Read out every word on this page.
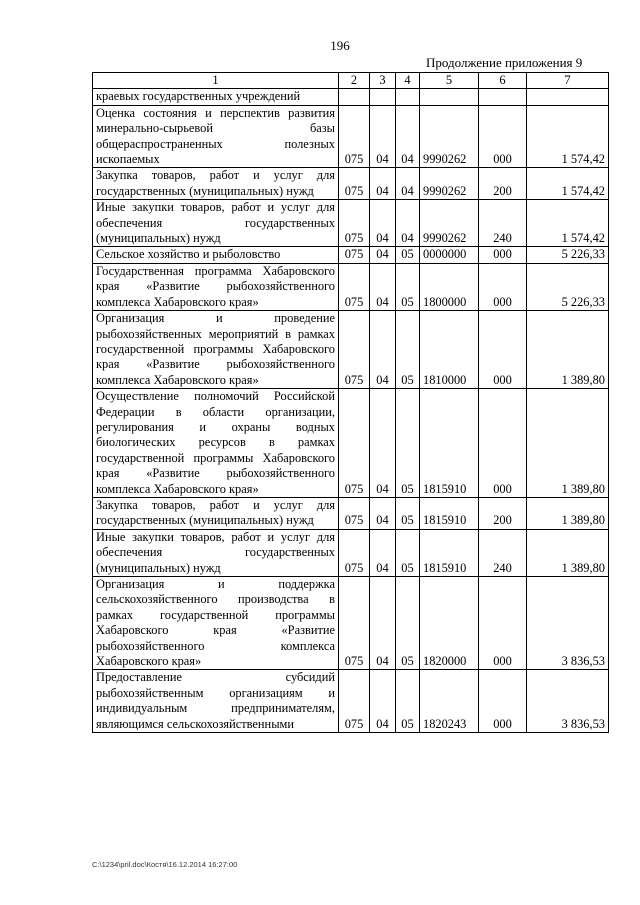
196
Продолжение приложения 9
1	2	3	4	5	6	7
краевых государственных учреждений						
Оценка состояния и перспектив развития минерально-сырьевой базы общераспространенных полезных ископаемых	075	04	04	9990262	000	1 574,42
Закупка товаров, работ и услуг для государственных (муниципальных) нужд	075	04	04	9990262	200	1 574,42
Иные закупки товаров, работ и услуг для обеспечения государственных (муниципальных) нужд	075	04	04	9990262	240	1 574,42
Сельское хозяйство и рыболовство	075	04	05	0000000	000	5 226,33
Государственная программа Хабаровского края «Развитие рыбохозяйственного комплекса Хабаровского края»	075	04	05	1800000	000	5 226,33
Организация и проведение рыбохозяйственных мероприятий в рамках государственной программы Хабаровского края «Развитие рыбохозяйственного комплекса Хабаровского края»	075	04	05	1810000	000	1 389,80
Осуществление полномочий Российской Федерации в области организации, регулирования и охраны водных биологических ресурсов в рамках государственной программы Хабаровского края «Развитие рыбохозяйственного комплекса Хабаровского края»	075	04	05	1815910	000	1 389,80
Закупка товаров, работ и услуг для государственных (муниципальных) нужд	075	04	05	1815910	200	1 389,80
Иные закупки товаров, работ и услуг для обеспечения государственных (муниципальных) нужд	075	04	05	1815910	240	1 389,80
Организация и поддержка сельскохозяйственного производства в рамках государственной программы Хабаровского края «Развитие рыбохозяйственного комплекса Хабаровского края»	075	04	05	1820000	000	3 836,53
Предоставление субсидий рыбохозяйственным организациям и индивидуальным предпринимателям, являющимся сельскохозяйственными	075	04	05	1820243	000	3 836,53
C:\1234\pril.doc\Костя\16.12.2014 16:27:00
